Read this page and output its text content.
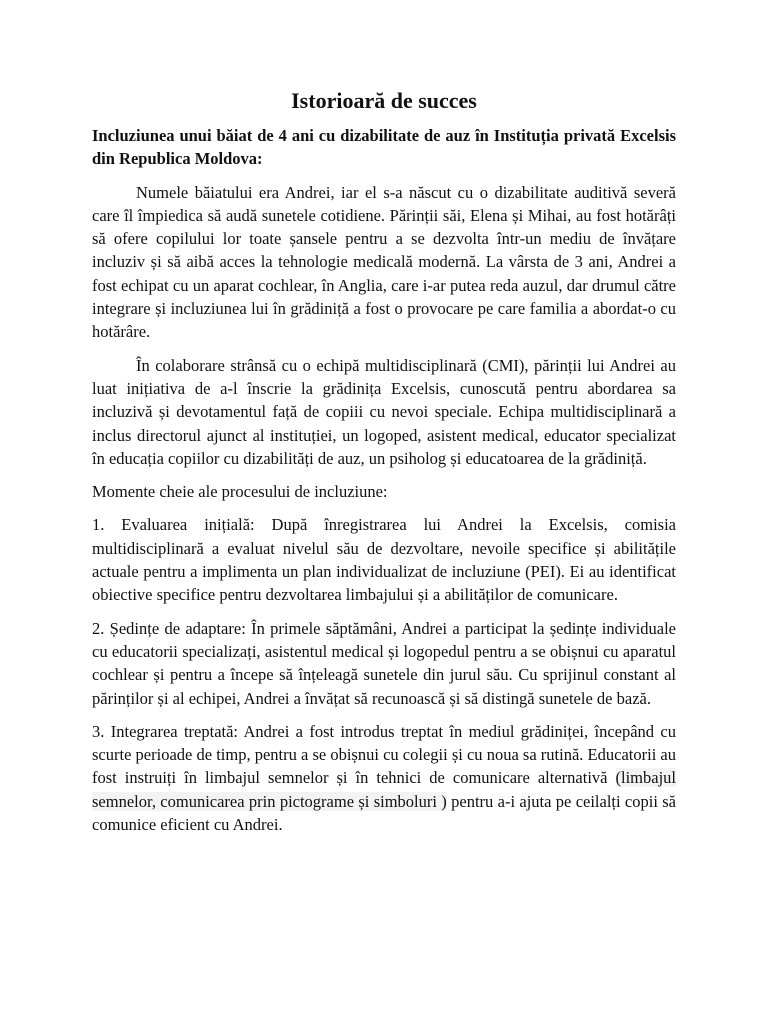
Istorioară de succes

Incluziunea unui băiat de 4 ani cu dizabilitate de auz în Instituția privată Excelsis din Republica Moldova:

Numele băiatului era Andrei, iar el s-a născut cu o dizabilitate auditivă severă care îl împiedica să audă sunetele cotidiene. Părinții săi, Elena și Mihai, au fost hotărâți să ofere copilului lor toate șansele pentru a se dezvolta într-un mediu de învățare incluziv și să aibă acces la tehnologie medicală modernă. La vârsta de 3 ani, Andrei a fost echipat cu un aparat cochlear, în Anglia, care i-ar putea reda auzul, dar drumul către integrare și incluziunea lui în grădiniță a fost o provocare pe care familia a abordat-o cu hotărâre.

În colaborare strânsă cu o echipă multidisciplinară (CMI), părinții lui Andrei au luat inițiativa de a-l înscrie la grădinița Excelsis, cunoscută pentru abordarea sa incluzivă și devotamentul față de copiii cu nevoi speciale. Echipa multidisciplinară a inclus directorul ajunct al instituției, un logoped, asistent medical, educator specializat în educația copiilor cu dizabilități de auz, un psiholog și educatoarea de la grădiniță.

Momente cheie ale procesului de incluziune:

1. Evaluarea inițială: După înregistrarea lui Andrei la Excelsis, comisia multidisciplinară a evaluat nivelul său de dezvoltare, nevoile specifice și abilitățile actuale pentru a implimenta un plan individualizat de incluziune (PEI). Ei au identificat obiective specifice pentru dezvoltarea limbajului și a abilităților de comunicare.

2. Ședințe de adaptare: În primele săptămâni, Andrei a participat la ședințe individuale cu educatorii specializați, asistentul medical și logopedul pentru a se obișnui cu aparatul cochlear și pentru a începe să înțeleagă sunetele din jurul său. Cu sprijinul constant al părinților și al echipei, Andrei a învățat să recunoască și să distingă sunetele de bază.

3. Integrarea treptată: Andrei a fost introdus treptat în mediul grădiniței, începând cu scurte perioade de timp, pentru a se obișnui cu colegii și cu noua sa rutină. Educatorii au fost instruiți în limbajul semnelor și în tehnici de comunicare alternativă (limbajul semnelor, comunicarea prin pictograme și simboluri ) pentru a-i ajuta pe ceilalți copii să comunice eficient cu Andrei.
